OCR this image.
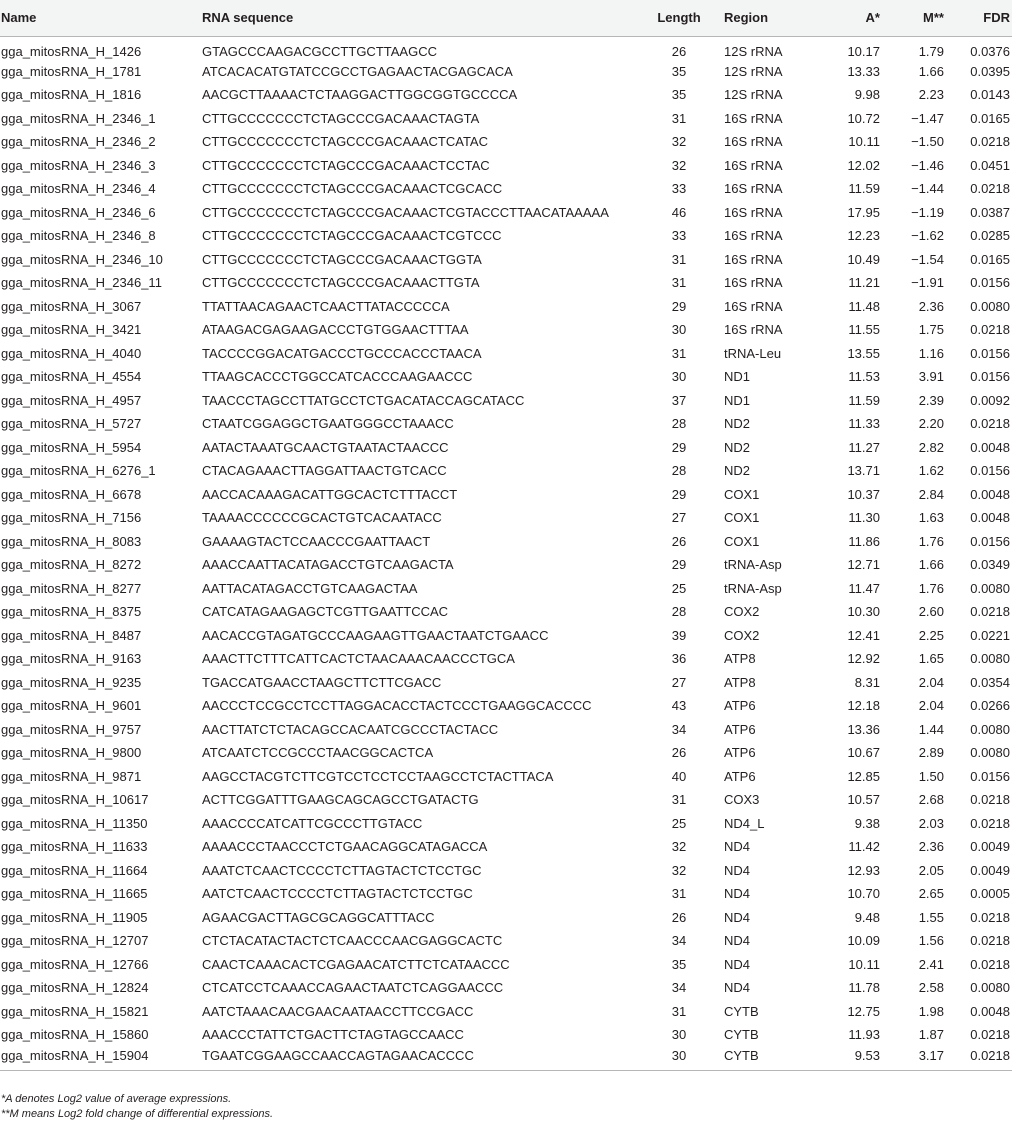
Name	RNA sequence	Length	Region	A*	M**	FDR
gga_mitosRNA_H_1426	GTAGCCCAAGACGCCTTGCTTAAGCC	26	12S rRNA	10.17	1.79	0.0376
gga_mitosRNA_H_1781	ATCACACATGTATCCGCCTGAGAACTACGAGCACA	35	12S rRNA	13.33	1.66	0.0395
gga_mitosRNA_H_1816	AACGCTTAAAACTCTAAGGACTTGGCGGTGCCCCA	35	12S rRNA	9.98	2.23	0.0143
gga_mitosRNA_H_2346_1	CTTGCCCCCCCTCTAGCCCGACAAACTAGTA	31	16S rRNA	10.72	−1.47	0.0165
gga_mitosRNA_H_2346_2	CTTGCCCCCCCTCTAGCCCGACAAACTCATAC	32	16S rRNA	10.11	−1.50	0.0218
gga_mitosRNA_H_2346_3	CTTGCCCCCCCTCTAGCCCGACAAACTCCTAC	32	16S rRNA	12.02	−1.46	0.0451
gga_mitosRNA_H_2346_4	CTTGCCCCCCCTCTAGCCCGACAAACTCGCACC	33	16S rRNA	11.59	−1.44	0.0218
gga_mitosRNA_H_2346_6	CTTGCCCCCCCTCTAGCCCGACAAACTCGTACCCTTAACATAAAAA	46	16S rRNA	17.95	−1.19	0.0387
gga_mitosRNA_H_2346_8	CTTGCCCCCCCTCTAGCCCGACAAACTCGTCCC	33	16S rRNA	12.23	−1.62	0.0285
gga_mitosRNA_H_2346_10	CTTGCCCCCCCTCTAGCCCGACAAACTGGTA	31	16S rRNA	10.49	−1.54	0.0165
gga_mitosRNA_H_2346_11	CTTGCCCCCCCTCTAGCCCGACAAACTTGTA	31	16S rRNA	11.21	−1.91	0.0156
gga_mitosRNA_H_3067	TTATTAACAGAACTCAACTTATACCCCCA	29	16S rRNA	11.48	2.36	0.0080
gga_mitosRNA_H_3421	ATAAGACGAGAAGACCCTGTGGAACTTTAA	30	16S rRNA	11.55	1.75	0.0218
gga_mitosRNA_H_4040	TACCCCGGACATGACCCTGCCCACCCTAACA	31	tRNA-Leu	13.55	1.16	0.0156
gga_mitosRNA_H_4554	TTAAGCACCCTGGCCATCACCCAAGAACCC	30	ND1	11.53	3.91	0.0156
gga_mitosRNA_H_4957	TAACCCTAGCCTTATGCCTCTGACATACCAGCATACC	37	ND1	11.59	2.39	0.0092
gga_mitosRNA_H_5727	CTAATCGGAGGCTGAATGGGCCTAAACC	28	ND2	11.33	2.20	0.0218
gga_mitosRNA_H_5954	AATACTAAATGCAACTGTAATACTAACCC	29	ND2	11.27	2.82	0.0048
gga_mitosRNA_H_6276_1	CTACAGAAACTTAGGATTAACTGTCACC	28	ND2	13.71	1.62	0.0156
gga_mitosRNA_H_6678	AACCACAAAGACATTGGCACTCTTTACCT	29	COX1	10.37	2.84	0.0048
gga_mitosRNA_H_7156	TAAAACCCCCCGCACTGTCACAATACC	27	COX1	11.30	1.63	0.0048
gga_mitosRNA_H_8083	GAAAAGTACTCCAACCCGAATTAACT	26	COX1	11.86	1.76	0.0156
gga_mitosRNA_H_8272	AAACCAATTACATAGACCTGTCAAGACTA	29	tRNA-Asp	12.71	1.66	0.0349
gga_mitosRNA_H_8277	AATTACATAGACCTGTCAAGACTAA	25	tRNA-Asp	11.47	1.76	0.0080
gga_mitosRNA_H_8375	CATCATAGAAGAGCTCGTTGAATTCCAC	28	COX2	10.30	2.60	0.0218
gga_mitosRNA_H_8487	AACACCGTAGATGCCCAAGAAGTTGAACTAATCTGAACC	39	COX2	12.41	2.25	0.0221
gga_mitosRNA_H_9163	AAACTTCTTTCATTCACTCTAACAAACAACCCTGCA	36	ATP8	12.92	1.65	0.0080
gga_mitosRNA_H_9235	TGACCATGAACCTAAGCTTCTTCGACC	27	ATP8	8.31	2.04	0.0354
gga_mitosRNA_H_9601	AACCCTCCGCCTCCTTAGGACACCTACTCCCTGAAGGCACCCC	43	ATP6	12.18	2.04	0.0266
gga_mitosRNA_H_9757	AACTTATCTCTACAGCCACAATCGCCCTACTACC	34	ATP6	13.36	1.44	0.0080
gga_mitosRNA_H_9800	ATCAATCTCCGCCCTAACGGCACTCA	26	ATP6	10.67	2.89	0.0080
gga_mitosRNA_H_9871	AAGCCTACGTCTTCGTCCTCCTCCTAAGCCTCTACTTACA	40	ATP6	12.85	1.50	0.0156
gga_mitosRNA_H_10617	ACTTCGGATTTGAAGCAGCAGCCTGATACTG	31	COX3	10.57	2.68	0.0218
gga_mitosRNA_H_11350	AAACCCCATCATTCGCCCTTGTACC	25	ND4_L	9.38	2.03	0.0218
gga_mitosRNA_H_11633	AAAACCCTAACCCTCTGAACAGGCATAGACCA	32	ND4	11.42	2.36	0.0049
gga_mitosRNA_H_11664	AAATCTCAACTCCCCTCTTAGTACTCTCCTGC	32	ND4	12.93	2.05	0.0049
gga_mitosRNA_H_11665	AATCTCAACTCCCCTCTTAGTACTCTCCTGC	31	ND4	10.70	2.65	0.0005
gga_mitosRNA_H_11905	AGAACGACTTAGCGCAGGCATTTACC	26	ND4	9.48	1.55	0.0218
gga_mitosRNA_H_12707	CTCTACATACTACTCTCAACCCAACGAGGCACTC	34	ND4	10.09	1.56	0.0218
gga_mitosRNA_H_12766	CAACTCAAACACTCGAGAACATCTTCTCATAACCC	35	ND4	10.11	2.41	0.0218
gga_mitosRNA_H_12824	CTCATCCTCAAACCAGAACTAATCTCAGGAACCC	34	ND4	11.78	2.58	0.0080
gga_mitosRNA_H_15821	AATCTAAACAACGAACAATAACCTTCCGACC	31	CYTB	12.75	1.98	0.0048
gga_mitosRNA_H_15860	AAACCCTATTCTGACTTCTAGTAGCCAACC	30	CYTB	11.93	1.87	0.0218
gga_mitosRNA_H_15904	TGAATCGGAAGCCAACCAGTAGAACACCCC	30	CYTB	9.53	3.17	0.0218
*A denotes Log2 value of average expressions.
**M means Log2 fold change of differential expressions.
